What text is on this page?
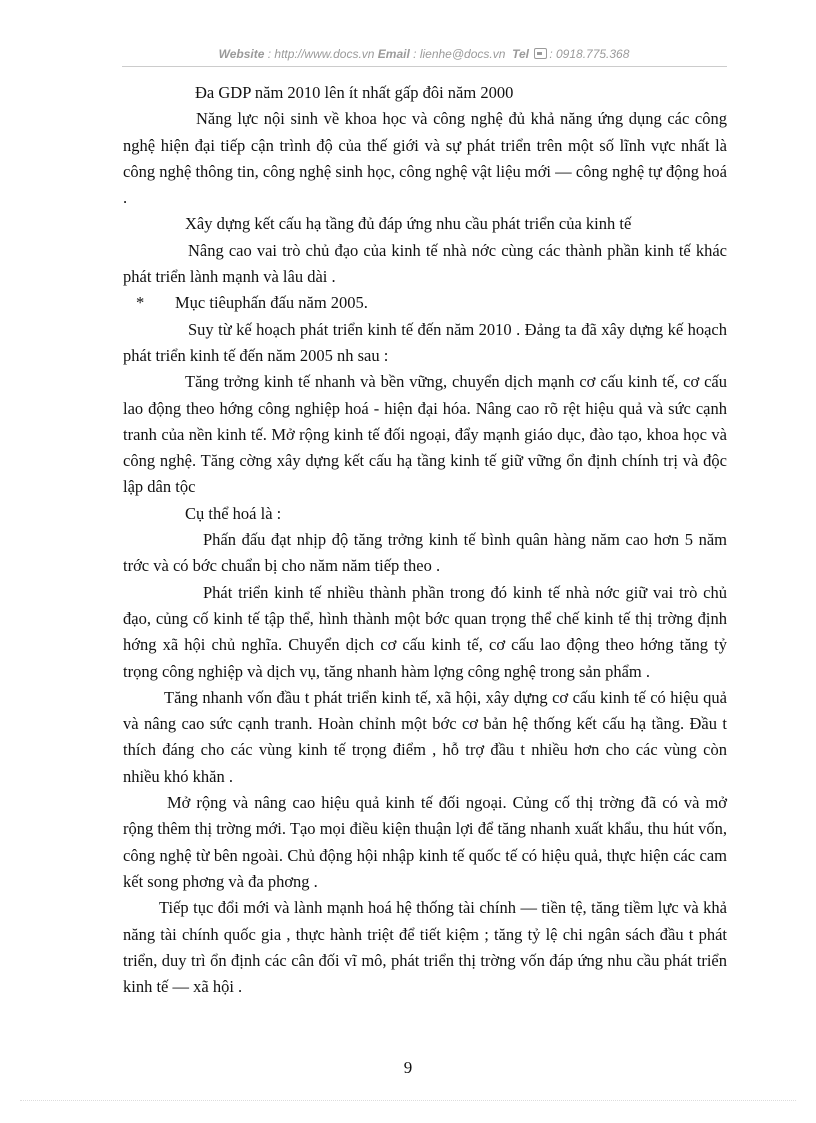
Website : http://www.docs.vn Email : lienhe@docs.vn Tel : 0918.775.368

Đa GDP năm 2010 lên ít nhất gấp đôi năm 2000

Năng lực nội sinh về khoa học và công nghệ đủ khả năng ứng dụng các công nghệ hiện đại tiếp cận trình độ của thế giới và sự phát triển trên một số lĩnh vực nhất là công nghệ thông tin, công nghệ sinh học, công nghệ vật liệu mới — công nghệ tự động hoá .

Xây dựng kết cấu hạ tầng đủ đáp ứng nhu cầu phát triển của kinh tế

Nâng cao vai trò chủ đạo của kinh tế nhà nớc cùng các thành phần kinh tế khác phát triển lành mạnh và lâu dài .

* Mục tiêuphấn đấu năm 2005.

Suy từ kế hoạch phát triển kinh tế đến năm 2010 . Đảng ta đã xây dựng kế hoạch phát triển kinh tế đến năm 2005 nh sau :

Tăng trởng kinh tế nhanh và bền vững, chuyển dịch mạnh cơ cấu kinh tế, cơ cấu lao động theo hớng công nghiệp hoá - hiện đại hóa. Nâng cao rõ rệt hiệu quả và sức cạnh tranh của nền kinh tế. Mở rộng kinh tế đối ngoại, đẩy mạnh giáo dục, đào tạo, khoa học và công nghệ. Tăng cờng xây dựng kết cấu hạ tầng kinh tế giữ vững ổn định chính trị và độc lập dân tộc

Cụ thể hoá là :

Phấn đấu đạt nhịp độ tăng trởng kinh tế bình quân hàng năm cao hơn 5 năm trớc và có bớc chuẩn bị cho năm năm tiếp theo .

Phát triển kinh tế nhiều thành phần trong đó kinh tế nhà nớc giữ vai trò chủ đạo, củng cố kinh tế tập thể, hình thành một bớc quan trọng thể chế kinh tế thị trờng định hớng xã hội chủ nghĩa. Chuyển dịch cơ cấu kinh tế, cơ cấu lao động theo hớng tăng tỷ trọng công nghiệp và dịch vụ, tăng nhanh hàm lợng công nghệ trong sản phẩm .

Tăng nhanh vốn đầu t phát triển kinh tế, xã hội, xây dựng cơ cấu kinh tế có hiệu quả và nâng cao sức cạnh tranh. Hoàn chỉnh một bớc cơ bản hệ thống kết cấu hạ tầng. Đầu t thích đáng cho các vùng kinh tế trọng điểm , hỗ trợ đầu t nhiều hơn cho các vùng còn nhiều khó khăn .

Mở rộng và nâng cao hiệu quả kinh tế đối ngoại. Củng cố thị trờng đã có và mở rộng thêm thị trờng mới. Tạo mọi điều kiện thuận lợi để tăng nhanh xuất khẩu, thu hút vốn, công nghệ từ bên ngoài. Chủ động hội nhập kinh tế quốc tế có hiệu quả, thực hiện các cam kết song phơng và đa phơng .

Tiếp tục đổi mới và lành mạnh hoá hệ thống tài chính — tiền tệ, tăng tiềm lực và khả năng tài chính quốc gia , thực hành triệt để tiết kiệm ; tăng tỷ lệ chi ngân sách đầu t phát triển, duy trì ổn định các cân đối vĩ mô, phát triển thị trờng vốn đáp ứng nhu cầu phát triển kinh tế — xã hội .

9
